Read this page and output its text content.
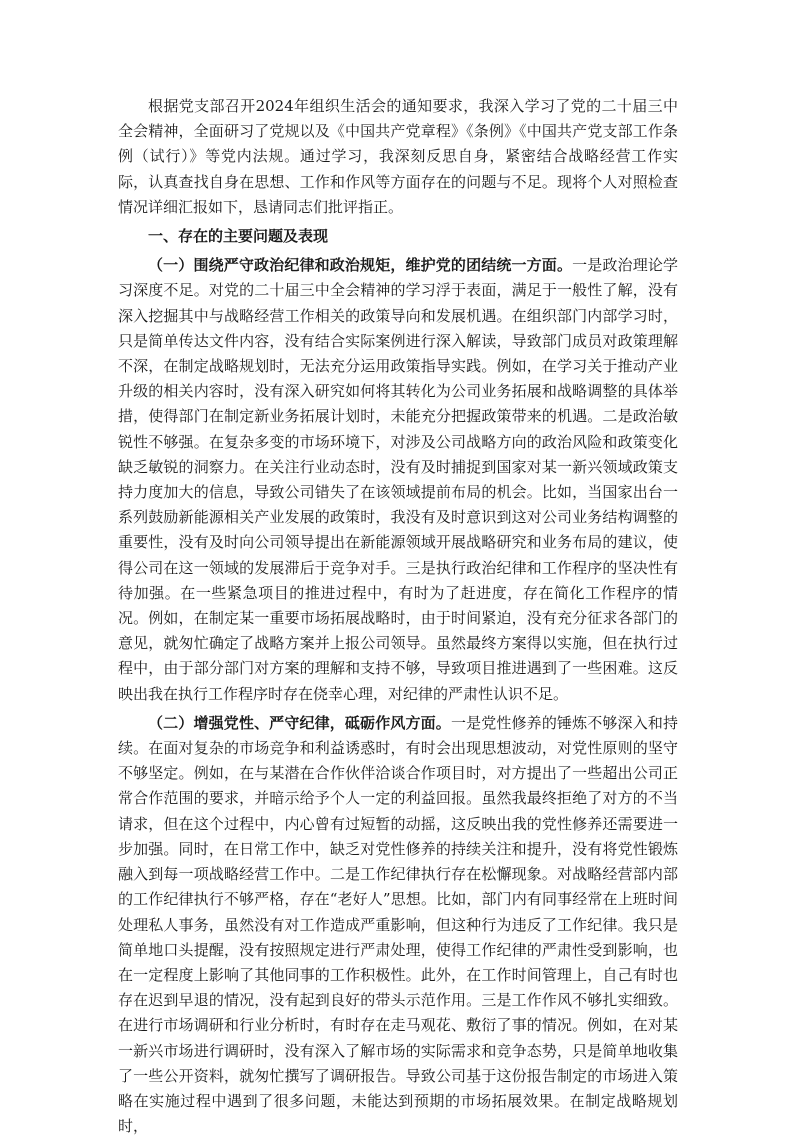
根据党支部召开2024年组织生活会的通知要求，我深入学习了党的二十届三中全会精神，全面研习了党规以及《中国共产党章程》《条例》《中国共产党支部工作条例（试行）》等党内法规。通过学习，我深刻反思自身，紧密结合战略经营工作实际，认真查找自身在思想、工作和作风等方面存在的问题与不足。现将个人对照检查情况详细汇报如下，恳请同志们批评指正。

一、存在的主要问题及表现

（一）围绕严守政治纪律和政治规矩，维护党的团结统一方面。一是政治理论学习深度不足。对党的二十届三中全会精神的学习浮于表面，满足于一般性了解，没有深入挖掘其中与战略经营工作相关的政策导向和发展机遇。在组织部门内部学习时，只是简单传达文件内容，没有结合实际案例进行深入解读，导致部门成员对政策理解不深，在制定战略规划时，无法充分运用政策指导实践。例如，在学习关于推动产业升级的相关内容时，没有深入研究如何将其转化为公司业务拓展和战略调整的具体举措，使得部门在制定新业务拓展计划时，未能充分把握政策带来的机遇。二是政治敏锐性不够强。在复杂多变的市场环境下，对涉及公司战略方向的政治风险和政策变化缺乏敏锐的洞察力。在关注行业动态时，没有及时捕捉到国家对某一新兴领域政策支持力度加大的信息，导致公司错失了在该领域提前布局的机会。比如，当国家出台一系列鼓励新能源相关产业发展的政策时，我没有及时意识到这对公司业务结构调整的重要性，没有及时向公司领导提出在新能源领域开展战略研究和业务布局的建议，使得公司在这一领域的发展滞后于竞争对手。三是执行政治纪律和工作程序的坚决性有待加强。在一些紧急项目的推进过程中，有时为了赶进度，存在简化工作程序的情况。例如，在制定某一重要市场拓展战略时，由于时间紧迫，没有充分征求各部门的意见，就匆忙确定了战略方案并上报公司领导。虽然最终方案得以实施，但在执行过程中，由于部分部门对方案的理解和支持不够，导致项目推进遇到了一些困难。这反映出我在执行工作程序时存在侥幸心理，对纪律的严肃性认识不足。

（二）增强党性、严守纪律，砥砺作风方面。一是党性修养的锤炼不够深入和持续。在面对复杂的市场竞争和利益诱惑时，有时会出现思想波动，对党性原则的坚守不够坚定。例如，在与某潜在合作伙伴洽谈合作项目时，对方提出了一些超出公司正常合作范围的要求，并暗示给予个人一定的利益回报。虽然我最终拒绝了对方的不当请求，但在这个过程中，内心曾有过短暂的动摇，这反映出我的党性修养还需要进一步加强。同时，在日常工作中，缺乏对党性修养的持续关注和提升，没有将党性锻炼融入到每一项战略经营工作中。二是工作纪律执行存在松懈现象。对战略经营部内部的工作纪律执行不够严格，存在“老好人”思想。比如，部门内有同事经常在上班时间处理私人事务，虽然没有对工作造成严重影响，但这种行为违反了工作纪律。我只是简单地口头提醒，没有按照规定进行严肃处理，使得工作纪律的严肃性受到影响，也在一定程度上影响了其他同事的工作积极性。此外，在工作时间管理上，自己有时也存在迟到早退的情况，没有起到良好的带头示范作用。三是工作作风不够扎实细致。在进行市场调研和行业分析时，有时存在走马观花、敷衍了事的情况。例如，在对某一新兴市场进行调研时，没有深入了解市场的实际需求和竞争态势，只是简单地收集了一些公开资料，就匆忙撰写了调研报告。导致公司基于这份报告制定的市场进入策略在实施过程中遇到了很多问题，未能达到预期的市场拓展效果。在制定战略规划时，
